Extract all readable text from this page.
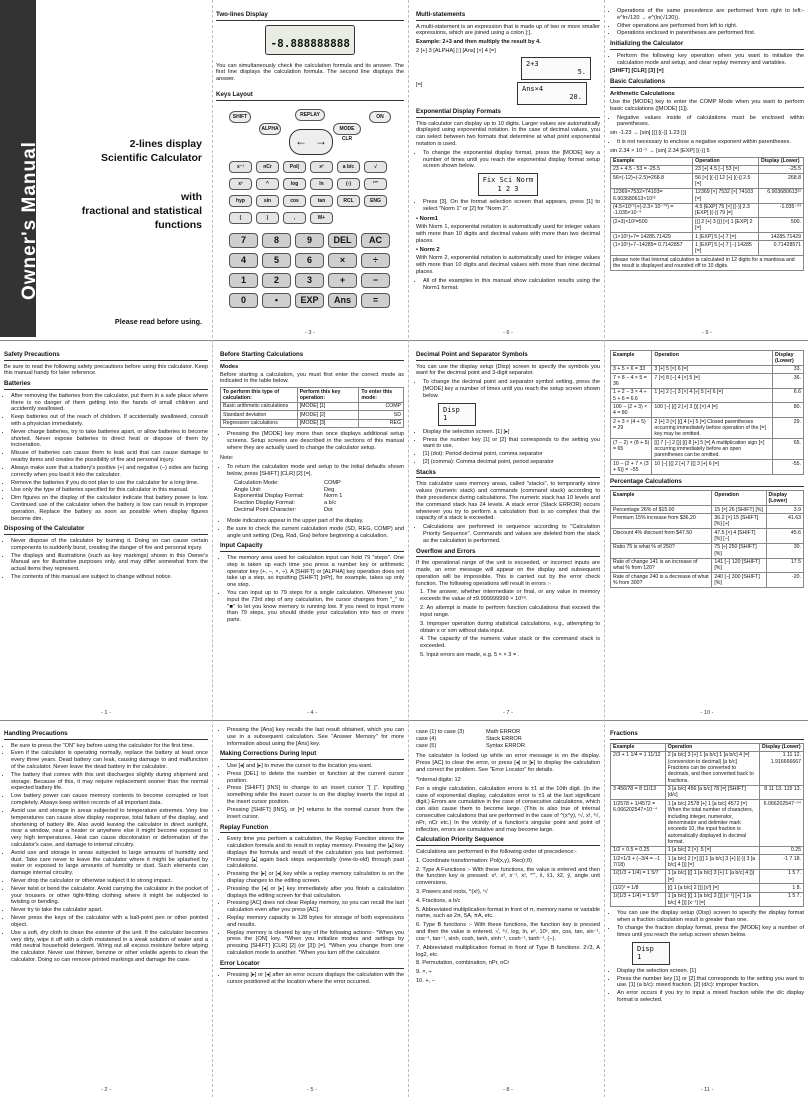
Owner's Manual	2-lines display
Scientific Calculator
with
fractional and statistical
functions
Please read before using.
Two-lines Display
-8.888888888

You can simultaneously check the calculation formula and its answer. The first line displays the calculation formula. The second line displays the answer.

Keys Layout
SHIFT
ALPHA
REPLAY
MODE CLR
ON
← →
x⁻¹	nCr	Pol(	x³	a b/c	√
x²	^	log	ln	(-)	°'"
hyp	sin	cos	tan	RCL	ENG
(	)	,	M+
7	8	9	DEL	AC
4	5	6	×	÷
1	2	3	+	−
0	•	EXP	Ans	=
- 3 -
Multi-statements

A multi-statement is an expression that is made up of two or more smaller expressions, which are joined using a colon [:].

Example: 2+3 and then multiply the result by 4.

2 [+] 3 [ALPHA] [:] [Ans] [×] 4 [=]

2+3
5.
[=]	Ans×4
20.
Exponential Display Formats

This calculator can display up to 10 digits. Larger values are automatically displayed using exponential notation. In the case of decimal values, you can select between two formats that determine at what point exponential notation is used.

• To change the exponential display format, press the [MODE] key a number of times until you reach the exponential display format setup screen shown below.
Fix Sci Norm
1 2 3
• Press [3]. On the format selection screen that appears, press [1] to select "Norm 1" or [2] for "Norm 2".
• Norm1

With Norm 1, exponential notation is automatically used for integer values with more than 10 digits and decimal values with more than two decimal places.

• Norm 2

With Norm 2, exponential notation is automatically used for integer values with more than 10 digits and decimal values with more than nine decimal places.

• All of the examples in this manual show calculation results using the Norm1 format.
- 6 -
• Operations of the same precedence are performed from right to left:- e^ln√120 → e^(ln(√120)).
• Other operations are performed from left to right.
• Operations enclosed in parentheses are performed first.
Initializing the Calculator
• Perform the following key operation when you want to initialize the calculation mode and setup, and clear replay memory and variables.

[SHIFT] [CLR] [3] [=]

Basic Calculations
Arithmetic Calculations

Use the [MODE] key to enter the COMP Mode when you want to perform basic calculations ([MODE] [1]).

• Negative values inside of calculations must be enclosed within parentheses.

sin -1.23 → [sin] [(] [(-)] 1.23 [)]

• It is not necessary to enclose a negative exponent within parentheses.

sin 2.34 × 10⁻⁵ → [sin] 2.34 [EXP] [(-)] 5

Example	Operation	Display (Lower)
23 + 4.5 - 53 = -25.5	23 [+] 4.5 [−] 53 [=]	-25.5
56×(-12)÷(-2.5)=268.8	56 [×] [(-)] 12 [÷] [(-)] 2.5 [=]	268.8
12369×7532×74103= 6.903680613×10¹²	12369 [×] 7532 [×] 74103 [=]	6.903680613¹²
(4.5×10⁷⁵)×(-2.3× 10⁻⁷⁹) = -1.035×10⁻³	4.5 [EXP] 75 [×] [(-)] 2.3 [EXP] [(-)] 79 [=]	-1.035⁻⁰³
(2+3)×10²=500	[(] 2 [+] 3 [)] [×] 1 [EXP] 2 [=]	500.
(1×10⁵)÷7= 14285.71429	1 [EXP] 5 [÷] 7 [=]	14285.71429
(1×10⁵)÷7−14285= 0.7142857	1 [EXP] 5 [÷] 7 [−] 14285 [=]	0.71428571
please note that internal calculation is calculated in 12 digits for a mantissa and the result is displayed and rounded off to 10 digits.		
- 9 -
Safety Precautions

Be sure to read the following safety precautions before using this calculator. Keep this manual handy for later reference.

Batteries
• After removing the batteries from the calculator, put them in a safe place where there is no danger of them getting into the hands of small children and accidently swallowed.
• Keep batteries out of the reach of children. If accidentally swallowed, consult with a physician immediately.
• Never charge batteries, try to take batteries apart, or allow batteries to become shorted. Never expose batteries to direct heat or dispose of them by incineration.
• Misuse of batteries can cause them to leak acid that can cause damage to nearby items and creates the possibility of fire and personal injury.
• Always make sure that a battery's positive (+) and negative (–) sides are facing correctly when you load it into the calculator.
• Remove the batteries if you do not plan to use the calculator for a long time.
• Use only the type of batteries specified for this calculator in this manual.
• Dim figures on the display of the calculator indicate that battery power is low. Continued use of the calculator when the battery is low can result in improper operation. Replace the battery as soon as possible when display figures become dim.
Disposing of the Calculator
• Never dispose of the calculator by burning it. Doing so can cause certain components to suddenly burst, creating the danger of fire and personal injury.
• The displays and illustrations (such as key markings) shown in this Owner's Manual are for illustrative purposes only, and may differ somewhat from the actual items they represent.
• The contents of this manual are subject to change without notice.
- 1 -
Before Starting Calculations
Modes

Before starting a calculation, you must first enter the correct mode as indicated in the table below.

To perform this type of calculation:	Perform this key operation:	To enter this mode:
Basic arithmetic calculations	[MODE] [1]	COMP
Standard deviation	[MODE] [2]	SD
Regression calculations	[MODE] [3]	REG
• Pressing the [MODE] key more than once displays additional setup screens. Setup screens are described in the sections of this manual where they are actually used to change the calculator setup.

Note:

• To return the calculation mode and setup to the initial defaults shown below, press [SHIFT] [CLR] [2] [=].
Calculation Mode:	COMP
Angle Unit:	Deg
Exponential Display Format:	Norm 1
Fraction Display Format:	a b/c
Decimal Point Character:	Dot
• Mode indicators appear in the upper part of the display.
• Be sure to check the current calculation mode (SD, REG, COMP) and angle unit setting (Deg, Rad, Gra) before beginning a calculation.
Input Capacity
• The memory area used for calculation input can hold 79 "steps". One step is taken up each time you press a number key or arithmetic operator key (+, −, ×, ÷). A [SHIFT] or [ALPHA] key operation does not take up a step, so inputting [SHIFT] [nPr], for example, takes up only one step.
• You can input up to 79 steps for a single calculation. Whenever you input the 73rd step of any calculation, the cursor changes from "_" to "■" to let you know memory is running low. If you need to input more than 79 steps, you should divide your calculation into two or more parts.
- 4 -
Decimal Point and Separator Symbols

You can use the display setup (Disp) screen to specify the symbols you want for the decimal point and 3-digit separator.

• To change the decimal point and separator symbol setting, press the [MODE] key a number of times until you reach the setup screen shown below.
Disp
1
• Display the selection screen. [1] [▸]
• Press the number key [1] or [2] that corresponds to the setting you want to use.
• [1] (dot): Period decimal point, comma separator
• [2] (comma): Comma decimal point, period separator
Stacks

This calculator uses memory areas, called "stacks", to temporarily store values (numeric stack) and commands (command stack) according to their precedence during calculations. The numeric stack has 10 levels and the command stack has 24 levels. A stack error (Stack ERROR) occurs whenever you try to perform a calculation that is so complex that the capacity of a stack is exceeded.

• Calculations are performed in sequence according to "Calculation Priority Sequence". Commands and values are deleted from the stack as the calculation is performed.
Overflow and Errors

If the operational range of the unit is exceeded, or incorrect inputs are made, an error message will appear on the display and subsequent operation will be impossible. This is carried out by the error check function. The following operations will result in errors :-

1. The answer, whether intermediate or final, or any value in memory exceeds the value of ±9.999999999 × 10⁹⁹.

2. An attempt is made to perform function calculations that exceed the input range.

3. Improper operation during statistical calculations, e.g., attempting to obtain x or xσn without data input.

4. The capacity of the numeric value stack or the command stack is exceeded.

5. Input errors are made, e.g. 5 × × 3 = .

- 7 -
Example	Operation	Display (Lower)
3 + 5 × 6 = 33	3 [+] 5 [×] 6 [=]	33.
7 × 8 − 4 × 5 = 36	7 [×] 8 [−] 4 [×] 5 [=]	36.
1 + 2 − 3 × 4 ÷ 5 + 6 = 6.6	1 [+] 2 [−] 3 [×] 4 [÷] 5 [+] 6 [=]	6.6
100 − (2 + 3) × 4 = 80	100 [−] [(] 2 [+] 3 [)] [×] 4 [=]	80.
2 + 3 × (4 + 5) = 29	2 [+] 3 [×] [(] 4 [+] 5 [=] Closed parentheses occurring immediately before operation of the [=] key may be omitted.	29.
(7 − 2) × (8 + 5) = 65	[(] 7 [−] 2 [)] [(] 8 [+] 5 [=] A multiplication sign [×] occurring immediately before an open parentheses can be omitted.	65.
10 − {2 + 7 × (3 + 6)} = −55	10 [−] [(] 2 [+] 7 [(] 3 [+] 6 [=]	-55.
Percentage Calculations
Example	Operation	Display (Lower)
Percentage 26% of $15.00	15 [×] 26 [SHIFT] [%]	3.9
Premium 15% increase from $36.20	36.2 [×] 15 [SHIFT] [%] [+]	41.63
Discount 4% discount from $47.50	47.5 [×] 4 [SHIFT] [%] [−]	45.6
Ratio 75 is what % of 250?	75 [÷] 250 [SHIFT] [%]	30.
Rate of change 141 is an increase of what % from 120?	141 [−] 120 [SHIFT] [%]	17.5
Rate of change 240 is a decrease of what % from 300?	240 [−] 300 [SHIFT] [%]	-20.
- 10 -
Handling Precautions
• Be sure to press the "ON" key before using the calculator for the first time.
• Even if the calculator is operating normally, replace the battery at least once every three years. Dead battery can leak, causing damage to and malfunction of the calculator. Never leave the dead battery in the calculator.
• The battery that comes with this unit discharges slightly during shipment and storage. Because of this, it may require replacement sooner than the normal expected battery life.
• Low battery power can cause memory contents to become corrupted or lost completely. Always keep written records of all important data.
• Avoid use and storage in areas subjected to temperature extremes. Very low temperatures can cause slow display response, total failure of the display, and shortening of battery life. Also avoid leaving the calculator in direct sunlight, near a window, near a heater or anywhere else it might become exposed to very high temperatures. Heat can cause discoloration or deformation of the calculator's case, and damage to internal circuitry.
• Avoid use and storage in areas subjected to large amounts of humidity and dust. Take care never to leave the calculator where it might be splashed by water or exposed to large amounts of humidity or dust. Such elements can damage internal circuitry.
• Never drop the calculator or otherwise subject it to strong impact.
• Never twist or bend the calculator. Avoid carrying the calculator in the pocket of your trousers or other tight-fitting clothing where it might be subjected to twisting or bending.
• Never try to take the calculator apart.
• Never press the keys of the calculator with a ball-point pen or other pointed object.
• Use a soft, dry cloth to clean the exterior of the unit. If the calculator becomes very dirty, wipe it off with a cloth moistened in a weak solution of water and a mild neutral household detergent. Wring out all excess moisture before wiping the calculator. Never use thinner, benzine or other volatile agents to clean the calculator. Doing so can remove printed markings and damage the case.
- 2 -
• Pressing the [Ans] key recalls the last result obtained, which you can use in a subsequent calculation. See "Answer Memory" for more information about using the [Ans] key.
Making Corrections During Input
• Use [◂] and [▸] to move the cursor to the location you want.
• Press [DEL] to delete the number or function at the current cursor position.
• Press [SHIFT] [INS] to change to an insert cursor "[ ]". Inputting something while the insert cursor is on the display inserts the input at the insert cursor position.
• Pressing [SHIFT] [INS], or [=] returns to the normal cursor from the insert cursor.
Replay Function
• Every time you perform a calculation, the Replay Function stores the calculation formula and its result in replay memory. Pressing the [▴] key displays the formula and result of the calculation you last performed. Pressing [▴] again back steps sequentially (new-to-old) through past calculations.
• Pressing the [▸] or [◂] key while a replay memory calculation is on the display changes to the editing screen.
• Pressing the [◂] or [▸] key immediately after you finish a calculation displays the editing screen for that calculation.
• Pressing [AC] does not clear Replay memory, so you can recall the last calculation even after you press [AC].
• Replay memory capacity is 128 bytes for storage of both expressions and results.
• Replay memory is cleared by any of the following actions:- *When you press the [ON] key. *When you initialize modes and settings by pressing [SHIFT] [CLR] [2] (or [3]) [=]. *When you change from one calculation mode to another. *When you turn off the calculator.
Error Locator
• Pressing [▸] or [◂] after an error occurs displays the calculation with the cursor positioned at the location where the error occurred.
- 5 -
case (1) to case (3)	Math ERROR
case (4)	Stack ERROR
case (5)	Syntax ERROR

The calculator is locked up while an error message is on the display. Press [AC] to clear the error, or press [◂] or [▸] to display the calculation and correct the problem. See "Error Locator" for details.

*Internal digits: 12

For a single calculation, calculation errors is ±1 at the 10th digit. (In the case of exponential display, calculation error is ±1 at the last significant digit.) Errors are cumulative in the case of consecutive calculations, which can also cause them to become large. (This is also true of internal consecutive calculations that are performed in the case of ^(x^y), ˣ√, x!, ³√, nPr, nCr etc.) In the vicinity of a function's singular point and point of inflection, errors are cumulative and may become large.

Calculation Priority Sequence

Calculations are performed in the following order of precedence:-

1. Coordinate transformation: Pol(x,y), Rec(r,θ)

2. Type A Functions :- With these functions, the value is entered and then the function key is pressed: x³, x², x⁻¹, x!, °'", x̂, x̂1, x̂2, ŷ, angle unit conversions.

3. Powers and roots, ^(xʸ), ˣ√

4. Fractions, a b/c

5. Abbreviated multiplication format in front of π, memory name or variable name, such as 2π, 5A, πA, etc.

6. Type B functions :- With these functions, the function key is pressed and then the value is entered. √, ³√, log, ln, eˣ, 10ˣ, sin, cos, tan, sin⁻¹, cos⁻¹, tan⁻¹, sinh, cosh, tanh, sinh⁻¹, cosh⁻¹, tanh⁻¹, (−).

7. Abbreviated multiplication format in front of Type B functions: 2√3, A log2, etc.

8. Permutation, combination, nPr, nCr

9. ×, ÷

10. +, −

- 8 -
Fractions
Example	Operation	Display (Lower)
2/3 + 1 1/4 = 1 11/12	2 [a b/c] 3 [+] 1 [a b/c] 1 [a b/c] 4 [=] (conversion to decimal) [a b/c] Fractions can be converted to decimals, and then converted back to fractions.	1 11 12. 1.916666667
3 456/78 = 8 11/13	3 [a b/c] 456 [a b/c] 78 [=] [SHIFT] [d/c]	8 11 13. 115 13.
1/2578 + 1/4572 = 6.066202547×10⁻⁴	1 [a b/c] 2578 [+] 1 [a b/c] 4572 [=] When the total number of characters, including integer, numerator, denominator and delimiter mark exceeds 10, the input fraction is automatically displayed in decimal format.	6.066202547⁻⁰⁴
1/2 × 0.5 = 0.25	1 [a b/c] 2 [×] .5 [=]	0.25
1/2×1/3 + (−3/4 = −1 7/18)	1 [a b/c] 2 [×] [(] 1 [a b/c] 3 [+] [(-)] 3 [a b/c] 4 [)] [=]	-1 7 18.
1/(1/3 + 1/4) = 1 5/7	1 [a b/c] [(] 1 [a b/c] 3 [+] 1 [a b/c] 4 [)] [=]	1 5 7.
(1/2)³ = 1/8	[(] 1 [a b/c] 2 [)] [x³] [=]	1 8.
1/(1/3 + 1/4) = 1 5/7	1 [a b/c] [(] 1 [a b/c] 3 [)] [x⁻¹] [+] 1 [a b/c] 4 [)] [x⁻¹] [=]	1 5 7.
• You can use the display setup (Disp) screen to specify the display format when a fraction calculation result is greater than one.
• To change the fraction display format, press the [MODE] key a number of times until you reach the setup screen shown below.
Disp
1
• Display the selection screen. [1]
• Press the number key [1] or [2] that corresponds to the setting you want to use. [1] (a b/c): mixed fraction. [2] (d/c): improper fraction.
• An error occurs if you try to input a mixed fraction while the d/c display format is selected.
- 11 -
